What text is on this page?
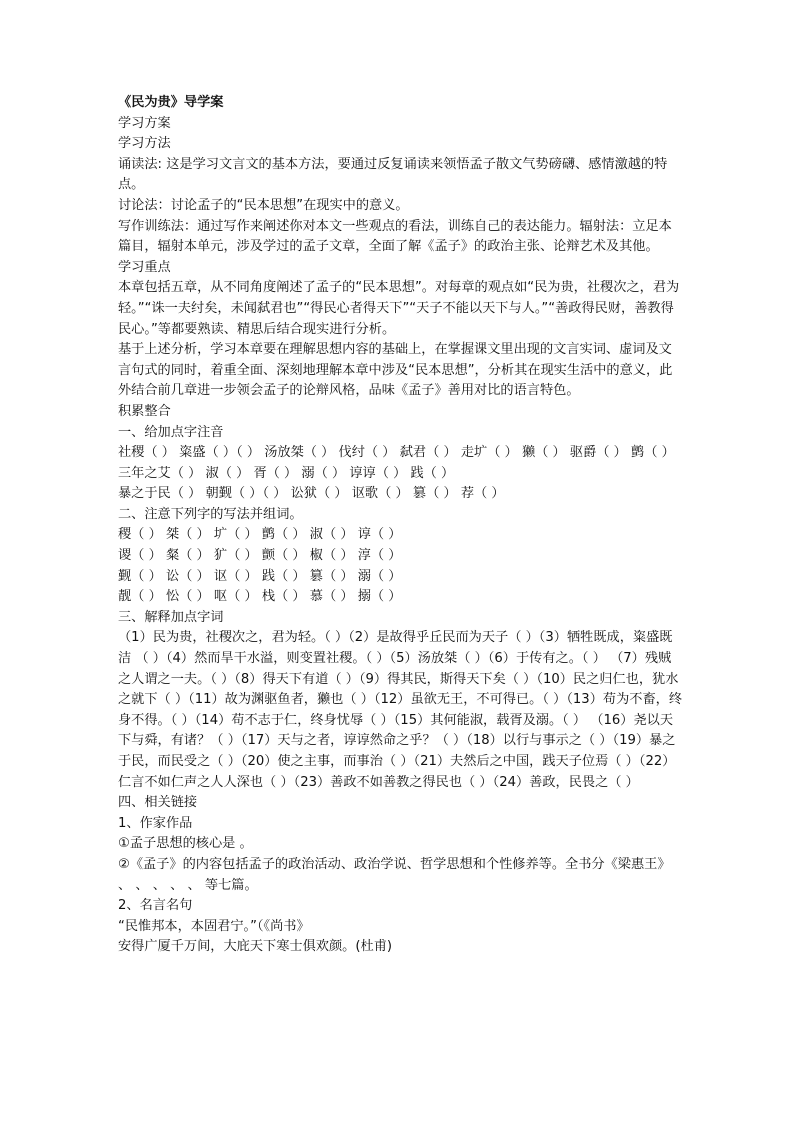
《民为贵》导学案

学习方案

学习方法

诵读法: 这是学习文言文的基本方法，要通过反复诵读来领悟孟子散文气势磅礴、感情激越的特点。

讨论法：讨论孟子的“民本思想”在现实中的意义。

写作训练法：通过写作来阐述你对本文一些观点的看法，训练自己的表达能力。辐射法：立足本篇目，辐射本单元，涉及学过的孟子文章，全面了解《孟子》的政治主张、论辩艺术及其他。

学习重点

本章包括五章，从不同角度阐述了孟子的“民本思想”。对每章的观点如“民为贵，社稷次之，君为轻。”“诛一夫纣矣，未闻弑君也”“得民心者得天下”“天子不能以天下与人。”“善政得民财，善教得民心。”等都要熟读、精思后结合现实进行分析。

基于上述分析，学习本章要在理解思想内容的基础上，在掌握课文里出现的文言实词、虚词及文言句式的同时，着重全面、深刻地理解本章中涉及“民本思想”，分析其在现实生活中的意义，此外结合前几章进一步领会孟子的论辩风格，品味《孟子》善用对比的语言特色。

积累整合

一、给加点字注音

社稷（ ） 粢盛（ ）（ ） 汤放桀（ ） 伐纣（ ） 弑君（ ） 走圹（ ） 獭（ ） 驱爵（ ） 鹯（ ） 三年之艾（ ） 淑（ ） 胥（ ） 溺（ ） 谆谆（ ） 践（ ）

暴之于民（ ） 朝觐（ ）（ ） 讼狱（ ） 讴歌（ ） 篡（ ） 荐（ ）

二、注意下列字的写法并组词。

稷（ ） 桀（ ） 圹（ ） 鹯（ ） 淑（ ） 谆（ ）

谡（ ） 粲（ ） 犷（ ） 颤（ ） 椒（ ） 淳（ ）

觐（ ） 讼（ ） 讴（ ） 践（ ） 篡（ ） 溺（ ）

靓（ ） 忪（ ） 呕（ ） 栈（ ） 慕（ ） 搦（ ）

三、解释加点字词

（1）民为贵，社稷次之，君为轻。（ ）（2）是故得乎丘民而为天子（ ）（3）牺牲既成，粢盛既洁 （ ）（4）然而旱干水溢，则变置社稷。（ ）（5）汤放桀（ ）（6）于传有之。（ ） （7）残贼之人谓之一夫。（ ）（8）得天下有道（ ）（9）得其民，斯得天下矣（ ）（10）民之归仁也，犹水之就下（ ）（11）故为渊驱鱼者，獭也（ ）（12）虽欲无王，不可得已。（ ）（13）苟为不畜，终身不得。（ ）（14）苟不志于仁，终身忧辱（ ）（15）其何能淑，载胥及溺。（ ） （16）尧以天下与舜，有诸？（ ）（17）天与之者，谆谆然命之乎？（ ）（18）以行与事示之（ ）（19）暴之于民，而民受之（ ）（20）使之主事，而事治（ ）（21）夫然后之中国，践天子位焉（ ）（22）仁言不如仁声之人人深也（ ）（23）善政不如善教之得民也（ ）（24）善政，民畏之（ ）

四、相关链接

1、作家作品

①孟子思想的核心是 。

②《孟子》的内容包括孟子的政治活动、政治学说、哲学思想和个性修养等。全书分《梁惠王》 、 、 、 、 、 等七篇。

2、名言名句

“民惟邦本，本固君宁。”（《尚书》

安得广厦千万间，大庇天下寒士俱欢颜。(杜甫)
